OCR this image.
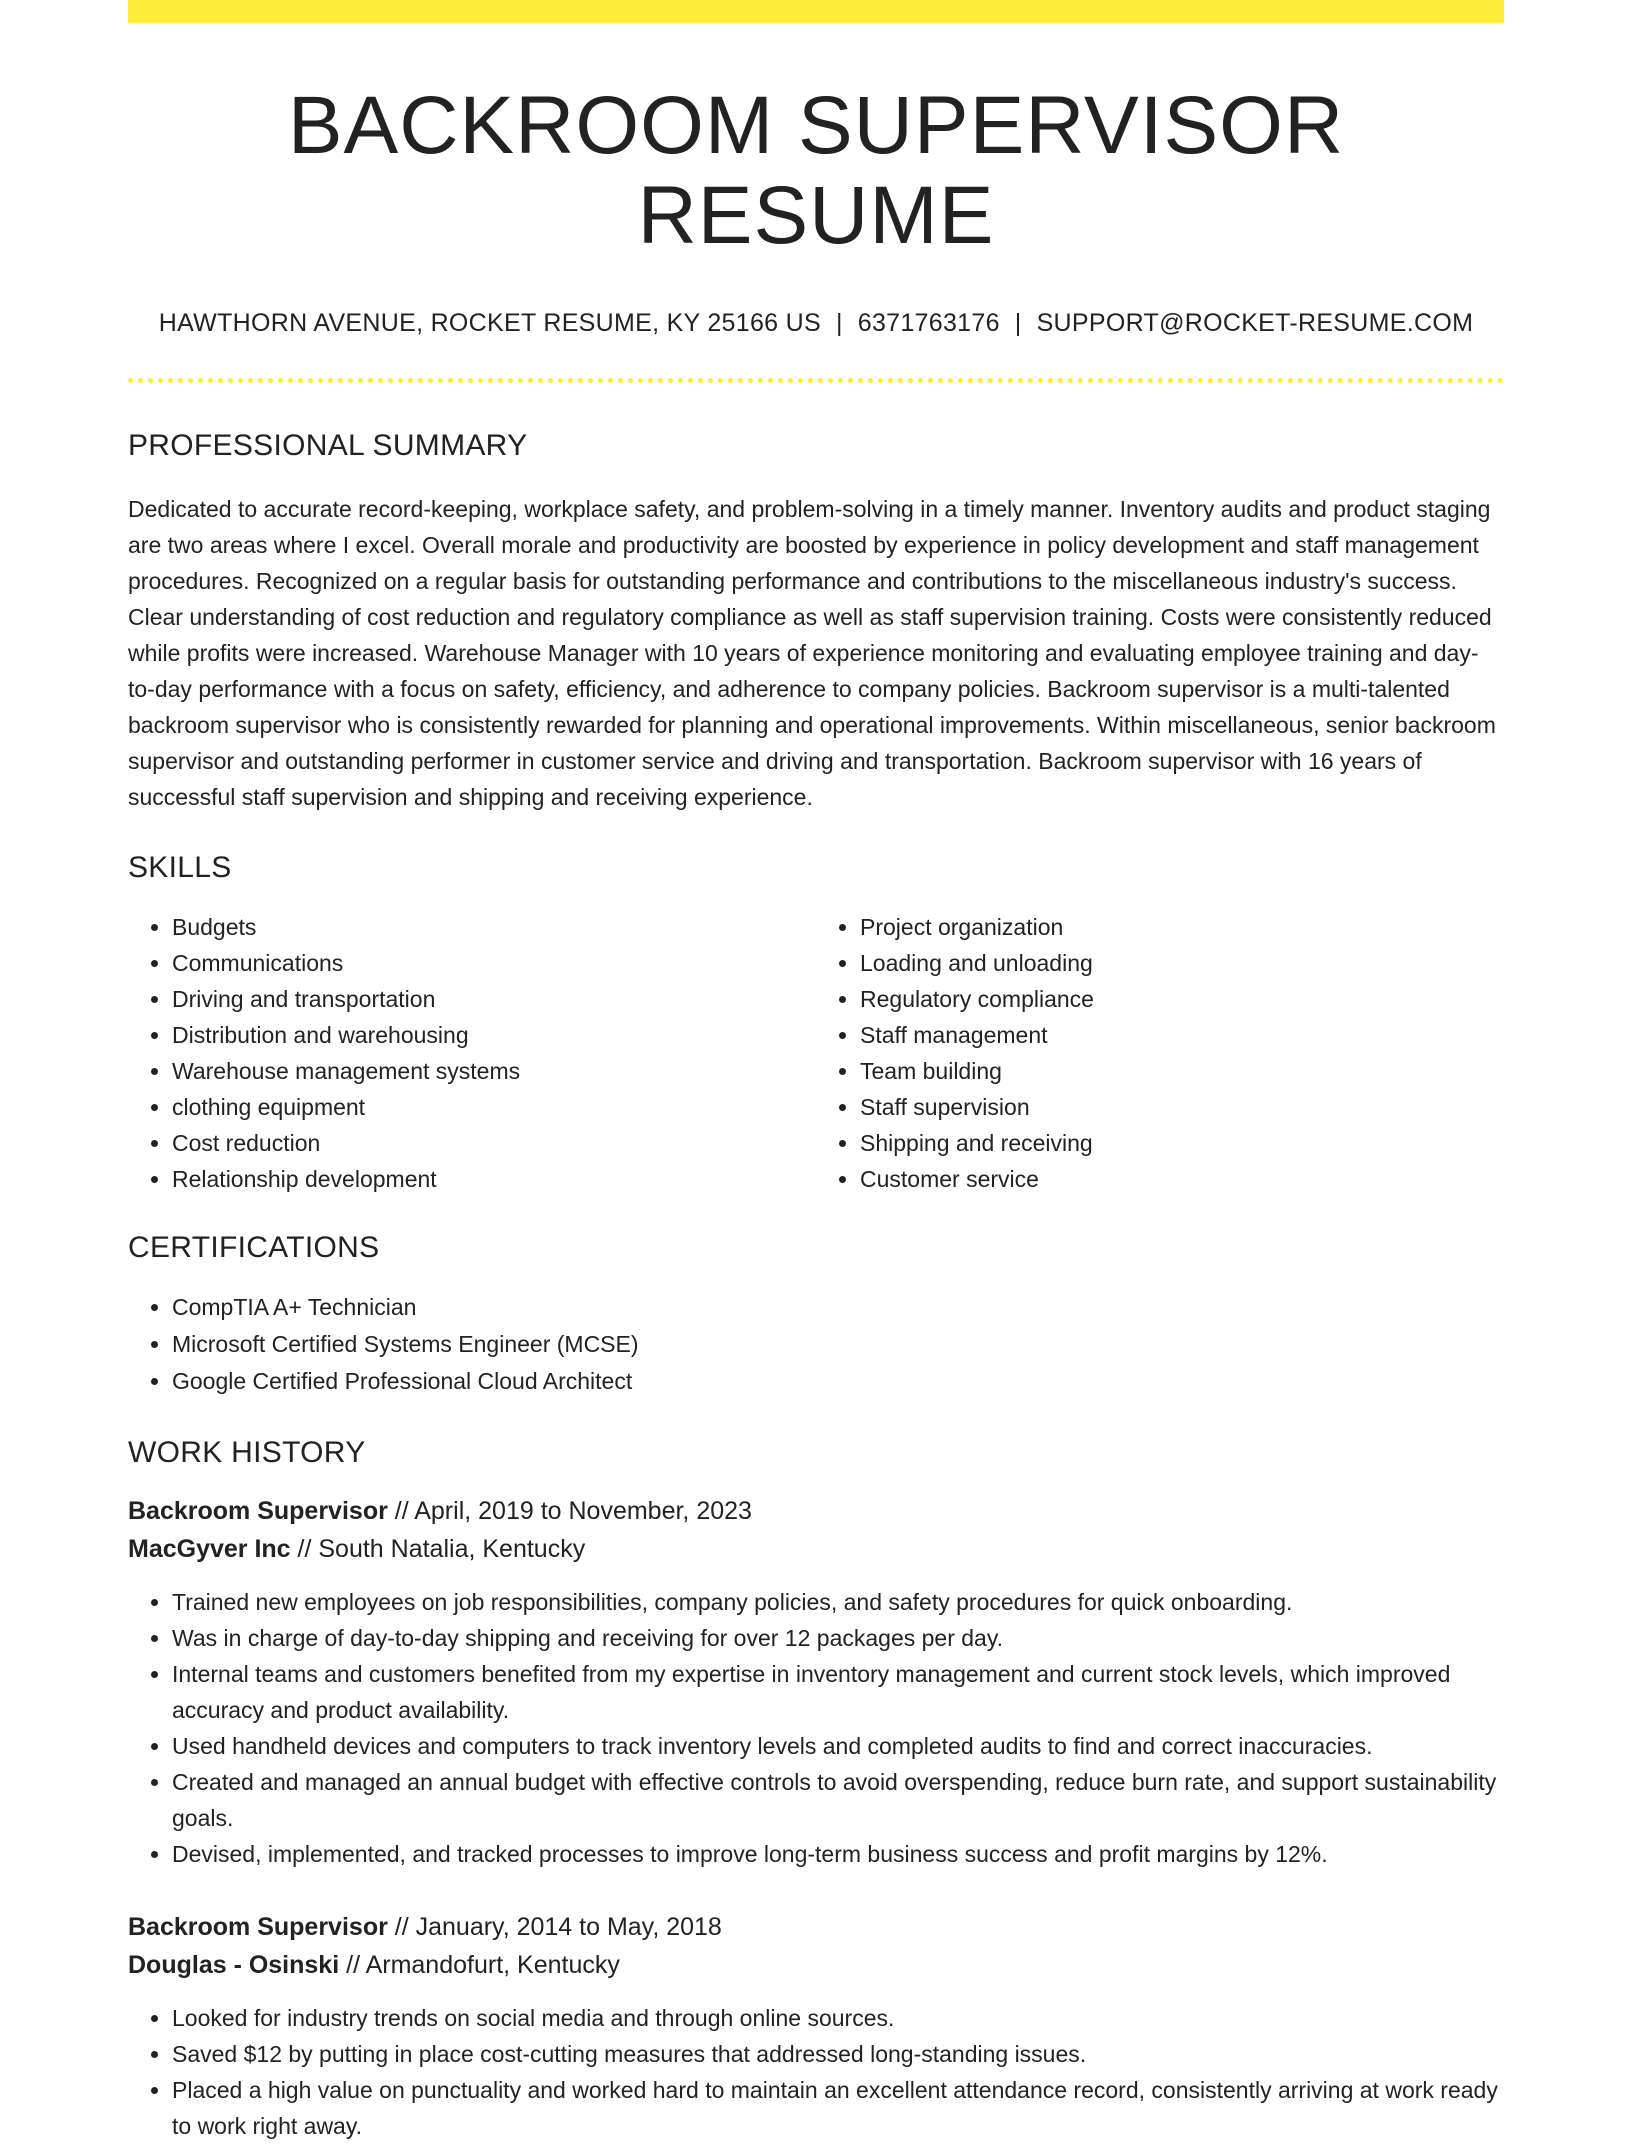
BACKROOM SUPERVISOR RESUME
HAWTHORN AVENUE, ROCKET RESUME, KY 25166 US | 6371763176 | SUPPORT@ROCKET-RESUME.COM
PROFESSIONAL SUMMARY

Dedicated to accurate record-keeping, workplace safety, and problem-solving in a timely manner. Inventory audits and product staging are two areas where I excel. Overall morale and productivity are boosted by experience in policy development and staff management procedures. Recognized on a regular basis for outstanding performance and contributions to the miscellaneous industry's success. Clear understanding of cost reduction and regulatory compliance as well as staff supervision training. Costs were consistently reduced while profits were increased. Warehouse Manager with 10 years of experience monitoring and evaluating employee training and day-to-day performance with a focus on safety, efficiency, and adherence to company policies. Backroom supervisor is a multi-talented backroom supervisor who is consistently rewarded for planning and operational improvements. Within miscellaneous, senior backroom supervisor and outstanding performer in customer service and driving and transportation. Backroom supervisor with 16 years of successful staff supervision and shipping and receiving experience.

SKILLS
• Budgets
• Communications
• Driving and transportation
• Distribution and warehousing
• Warehouse management systems
• clothing equipment
• Cost reduction
• Relationship development
• Project organization
• Loading and unloading
• Regulatory compliance
• Staff management
• Team building
• Staff supervision
• Shipping and receiving
• Customer service
CERTIFICATIONS
• CompTIA A+ Technician
• Microsoft Certified Systems Engineer (MCSE)
• Google Certified Professional Cloud Architect
WORK HISTORY
Backroom Supervisor // April, 2019 to November, 2023
MacGyver Inc // South Natalia, Kentucky
• Trained new employees on job responsibilities, company policies, and safety procedures for quick onboarding.
• Was in charge of day-to-day shipping and receiving for over 12 packages per day.
• Internal teams and customers benefited from my expertise in inventory management and current stock levels, which improved accuracy and product availability.
• Used handheld devices and computers to track inventory levels and completed audits to find and correct inaccuracies.
• Created and managed an annual budget with effective controls to avoid overspending, reduce burn rate, and support sustainability goals.
• Devised, implemented, and tracked processes to improve long-term business success and profit margins by 12%.
Backroom Supervisor // January, 2014 to May, 2018
Douglas - Osinski // Armandofurt, Kentucky
• Looked for industry trends on social media and through online sources.
• Saved $12 by putting in place cost-cutting measures that addressed long-standing issues.
• Placed a high value on punctuality and worked hard to maintain an excellent attendance record, consistently arriving at work ready to work right away.
